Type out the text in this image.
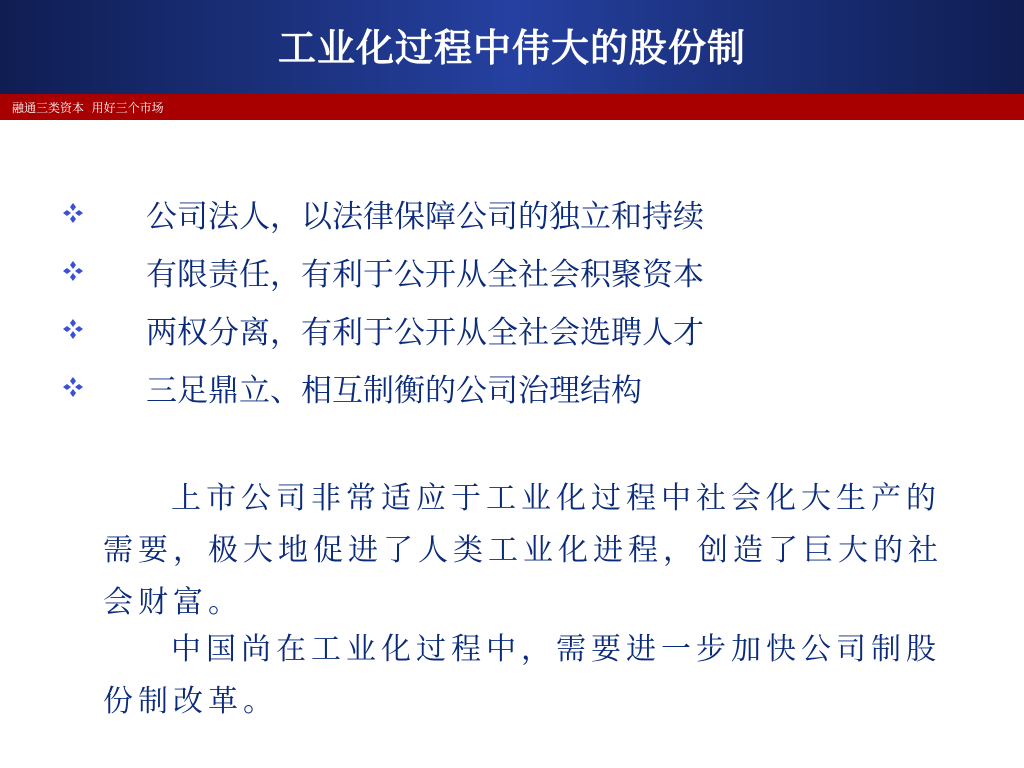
工业化过程中伟大的股份制
融通三类资本  用好三个市场
公司法人，以法律保障公司的独立和持续
有限责任，有利于公开从全社会积聚资本
两权分离，有利于公开从全社会选聘人才
三足鼎立、相互制衡的公司治理结构

上市公司非常适应于工业化过程中社会化大生产的需要，极大地促进了人类工业化进程，创造了巨大的社会财富。

中国尚在工业化过程中，需要进一步加快公司制股份制改革。
